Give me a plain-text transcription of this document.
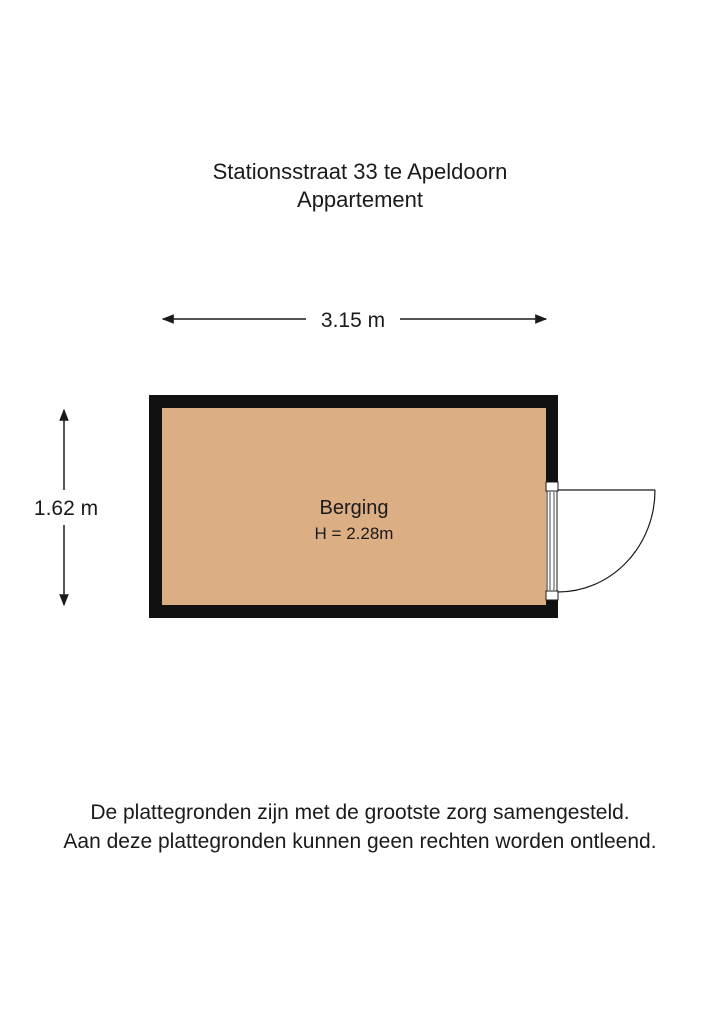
Stationsstraat 33 te Apeldoorn
Appartement
3.15 m
1.62 m	Berging
H = 2.28m
De plattegronden zijn met de grootste zorg samengesteld.
Aan deze plattegronden kunnen geen rechten worden ontleend.
